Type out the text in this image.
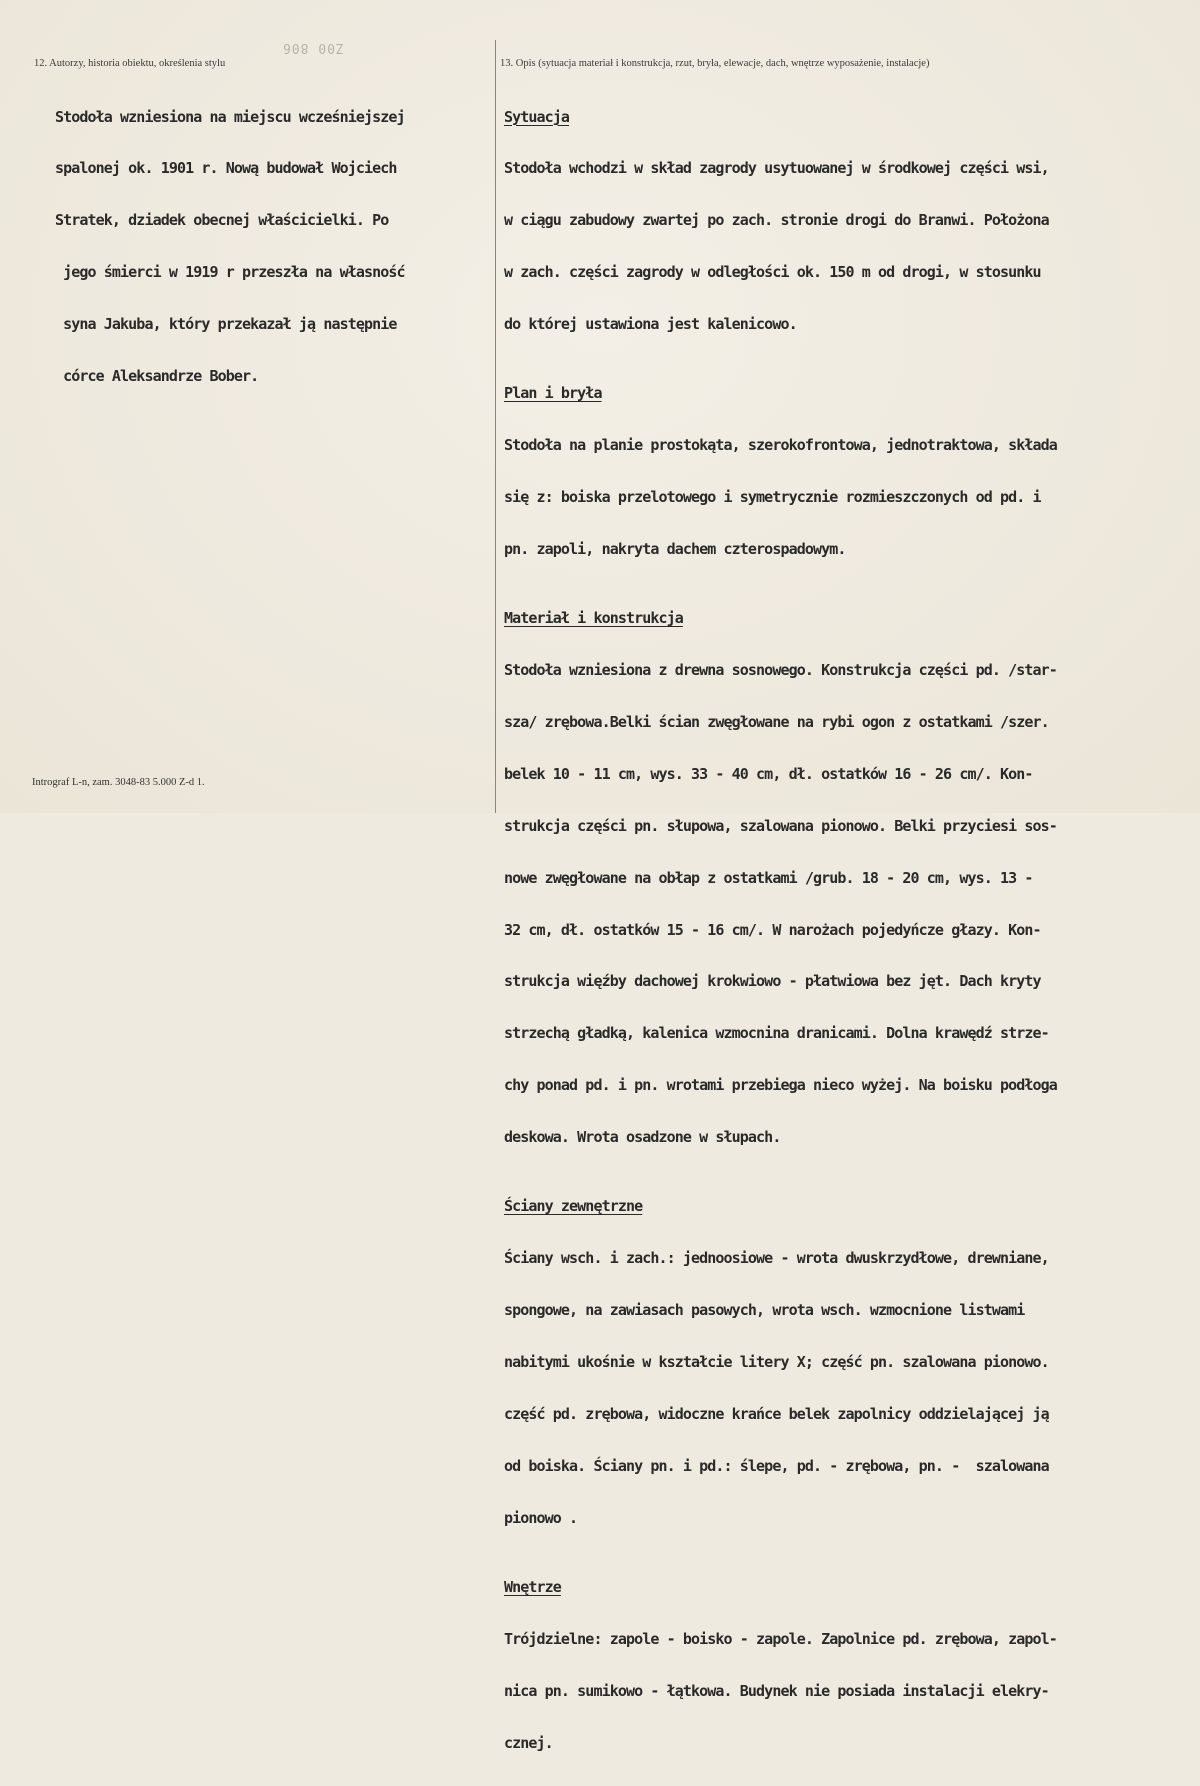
Z00 806
12. Autorzy, historia obiektu, określenia stylu	13. Opis (sytuacja materiał i konstrukcja, rzut, bryła, elewacje, dach, wnętrze wyposażenie, instalacje)

Stodoła wzniesiona na miejscu wcześniejszej

spalonej ok. 1901 r. Nową budował Wojciech

Stratek, dziadek obecnej właścicielki. Po

jego śmierci w 1919 r przeszła na własność

syna Jakuba, który przekazał ją następnie

córce Aleksandrze Bober.

Sytuacja

Stodoła wchodzi w skład zagrody usytuowanej w środkowej części wsi,

w ciągu zabudowy zwartej po zach. stronie drogi do Branwi. Położona

w zach. części zagrody w odległości ok. 150 m od drogi, w stosunku

do której ustawiona jest kalenicowo.

Plan i bryła

Stodoła na planie prostokąta, szerokofrontowa, jednotraktowa, składa

się z: boiska przelotowego i symetrycznie rozmieszczonych od pd. i

pn. zapoli, nakryta dachem czterospadowym.

Materiał i konstrukcja

Stodoła wzniesiona z drewna sosnowego. Konstrukcja części pd. /star-

sza/ zrębowa.Belki ścian zwęgłowane na rybi ogon z ostatkami /szer.

belek 10 - 11 cm, wys. 33 - 40 cm, dł. ostatków 16 - 26 cm/. Kon-

strukcja części pn. słupowa, szalowana pionowo. Belki przyciesi sos-

nowe zwęgłowane na obłap z ostatkami /grub. 18 - 20 cm, wys. 13 -

32 cm, dł. ostatków 15 - 16 cm/. W narożach pojedyńcze głazy. Kon-

strukcja więźby dachowej krokwiowo - płatwiowa bez jęt. Dach kryty

strzechą gładką, kalenica wzmocnina dranicami. Dolna krawędź strze-

chy ponad pd. i pn. wrotami przebiega nieco wyżej. Na boisku podłoga

deskowa. Wrota osadzone w słupach.

Ściany zewnętrzne

Ściany wsch. i zach.: jednoosiowe - wrota dwuskrzydłowe, drewniane,

spongowe, na zawiasach pasowych, wrota wsch. wzmocnione listwami

nabitymi ukośnie w kształcie litery X; część pn. szalowana pionowo.

część pd. zrębowa, widoczne krańce belek zapolnicy oddzielającej ją

od boiska. Ściany pn. i pd.: ślepe, pd. - zrębowa, pn. -  szalowana

pionowo .

Wnętrze

Trójdzielne: zapole - boisko - zapole. Zapolnice pd. zrębowa, zapol-

nica pn. sumikowo - łątkowa. Budynek nie posiada instalacji elekry-

cznej.

Intrograf L-n, zam. 3048-83 5.000 Z-d 1.
